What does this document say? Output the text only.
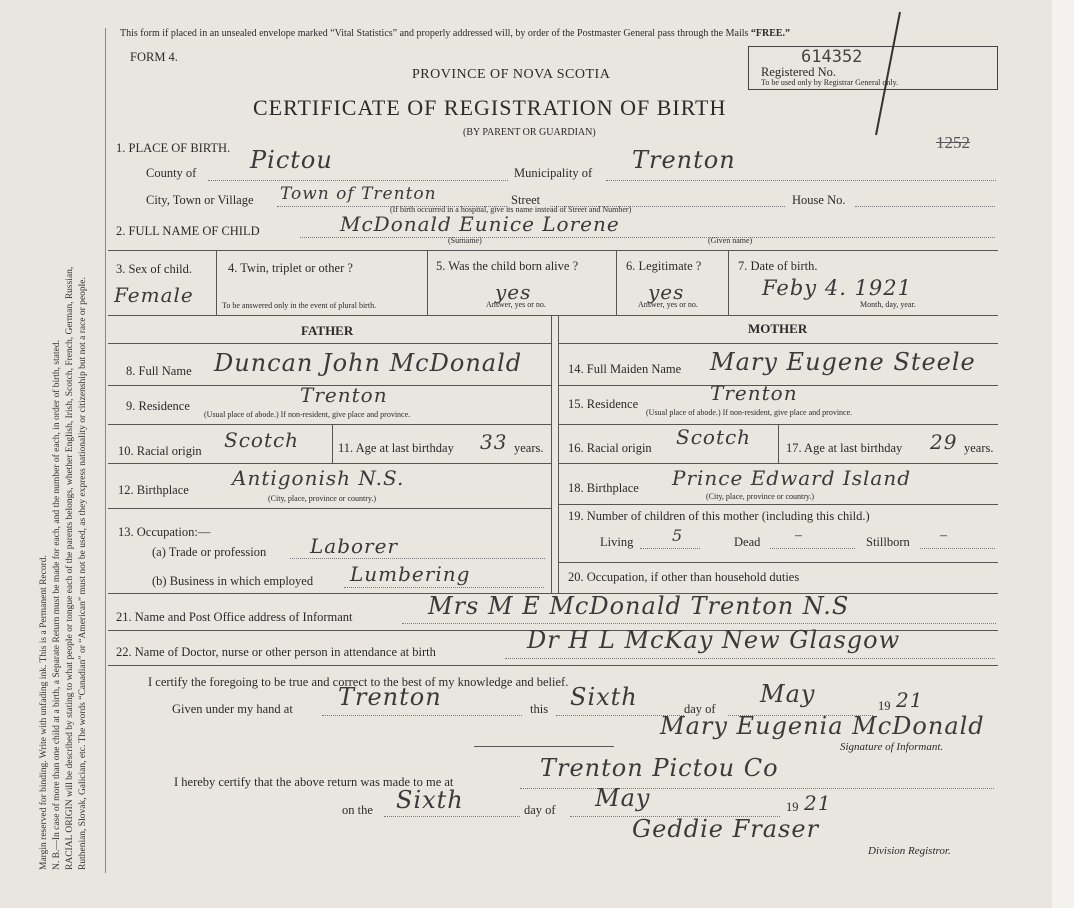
Margin reserved for binding. Write with unfading ink. This is a Permanent Record. N. B.—In case of more than one child at a birth, a Separate Return must be made for each, and the number of each, in order of birth, stated. RACIAL ORIGIN will be described by stating to what people or tongue each of the parents belongs, whether English, Irish, Scotch, French, German, Russian, Ruthenian, Slovak, Galician, etc. The words “Canadian” or “American” must not be used, as they express nationality or citizenship but not a race or people.
This form if placed in an unsealed envelope marked “Vital Statistics” and properly addressed will, by order of the Postmaster General pass through the Mails “FREE.”
FORM 4.
PROVINCE OF NOVA SCOTIA
CERTIFICATE OF REGISTRATION OF BIRTH
(BY PARENT OR GUARDIAN)
614352
Registered No.
To be used only by Registrar General only.
1252
1. PLACE OF BIRTH.
County of Pictou	Municipality of Trenton
City, Town or Village Town of Trenton	Street	House No.
(If birth occurred in a hospital, give its name instead of Street and Number)
2. FULL NAME OF CHILD	McDonald Eunice Lorene
(Surname)	(Given name)
3. Sex of child.
Female
4. Twin, triplet or other ?
To be answered only in the event of plural birth.
5. Was the child born alive ?
yes
Answer, yes or no.
6. Legitimate ?
yes
Answer, yes or no.
7. Date of birth.
Feby 4. 1921
Month, day, year.
FATHER	MOTHER
8. Full Name Duncan John McDonald
9. Residence	Trenton
(Usual place of abode.) If non-resident, give place and province.
10. Racial origin Scotch	11. Age at last birthday 33 years.
12. Birthplace Antigonish N.S.
(City, place, province or country.)
13. Occupation:—
(a) Trade or profession Laborer
(b) Business in which employed Lumbering
14. Full Maiden Name Mary Eugene Steele
15. Residence	Trenton
(Usual place of abode.) If non-resident, give place and province.
16. Racial origin Scotch	17. Age at last birthday 29 years.
18. Birthplace Prince Edward Island
(City, place, province or country.)
19. Number of children of this mother (including this child.)
Living 5	Dead –	Stillborn –
20. Occupation, if other than household duties
21. Name and Post Office address of Informant	Mrs M E McDonald Trenton N.S
22. Name of Doctor, nurse or other person in attendance at birth	Dr H L McKay New Glasgow
I certify the foregoing to be true and correct to the best of my knowledge and belief.
Given under my hand at Trenton	this Sixth	day of
May	19 21
Mary Eugenia McDonald
Signature of Informant.
I hereby certify that the above return was made to me at	Trenton Pictou Co
on the Sixth	day of May	19 21
Geddie Fraser
Division Registror.
